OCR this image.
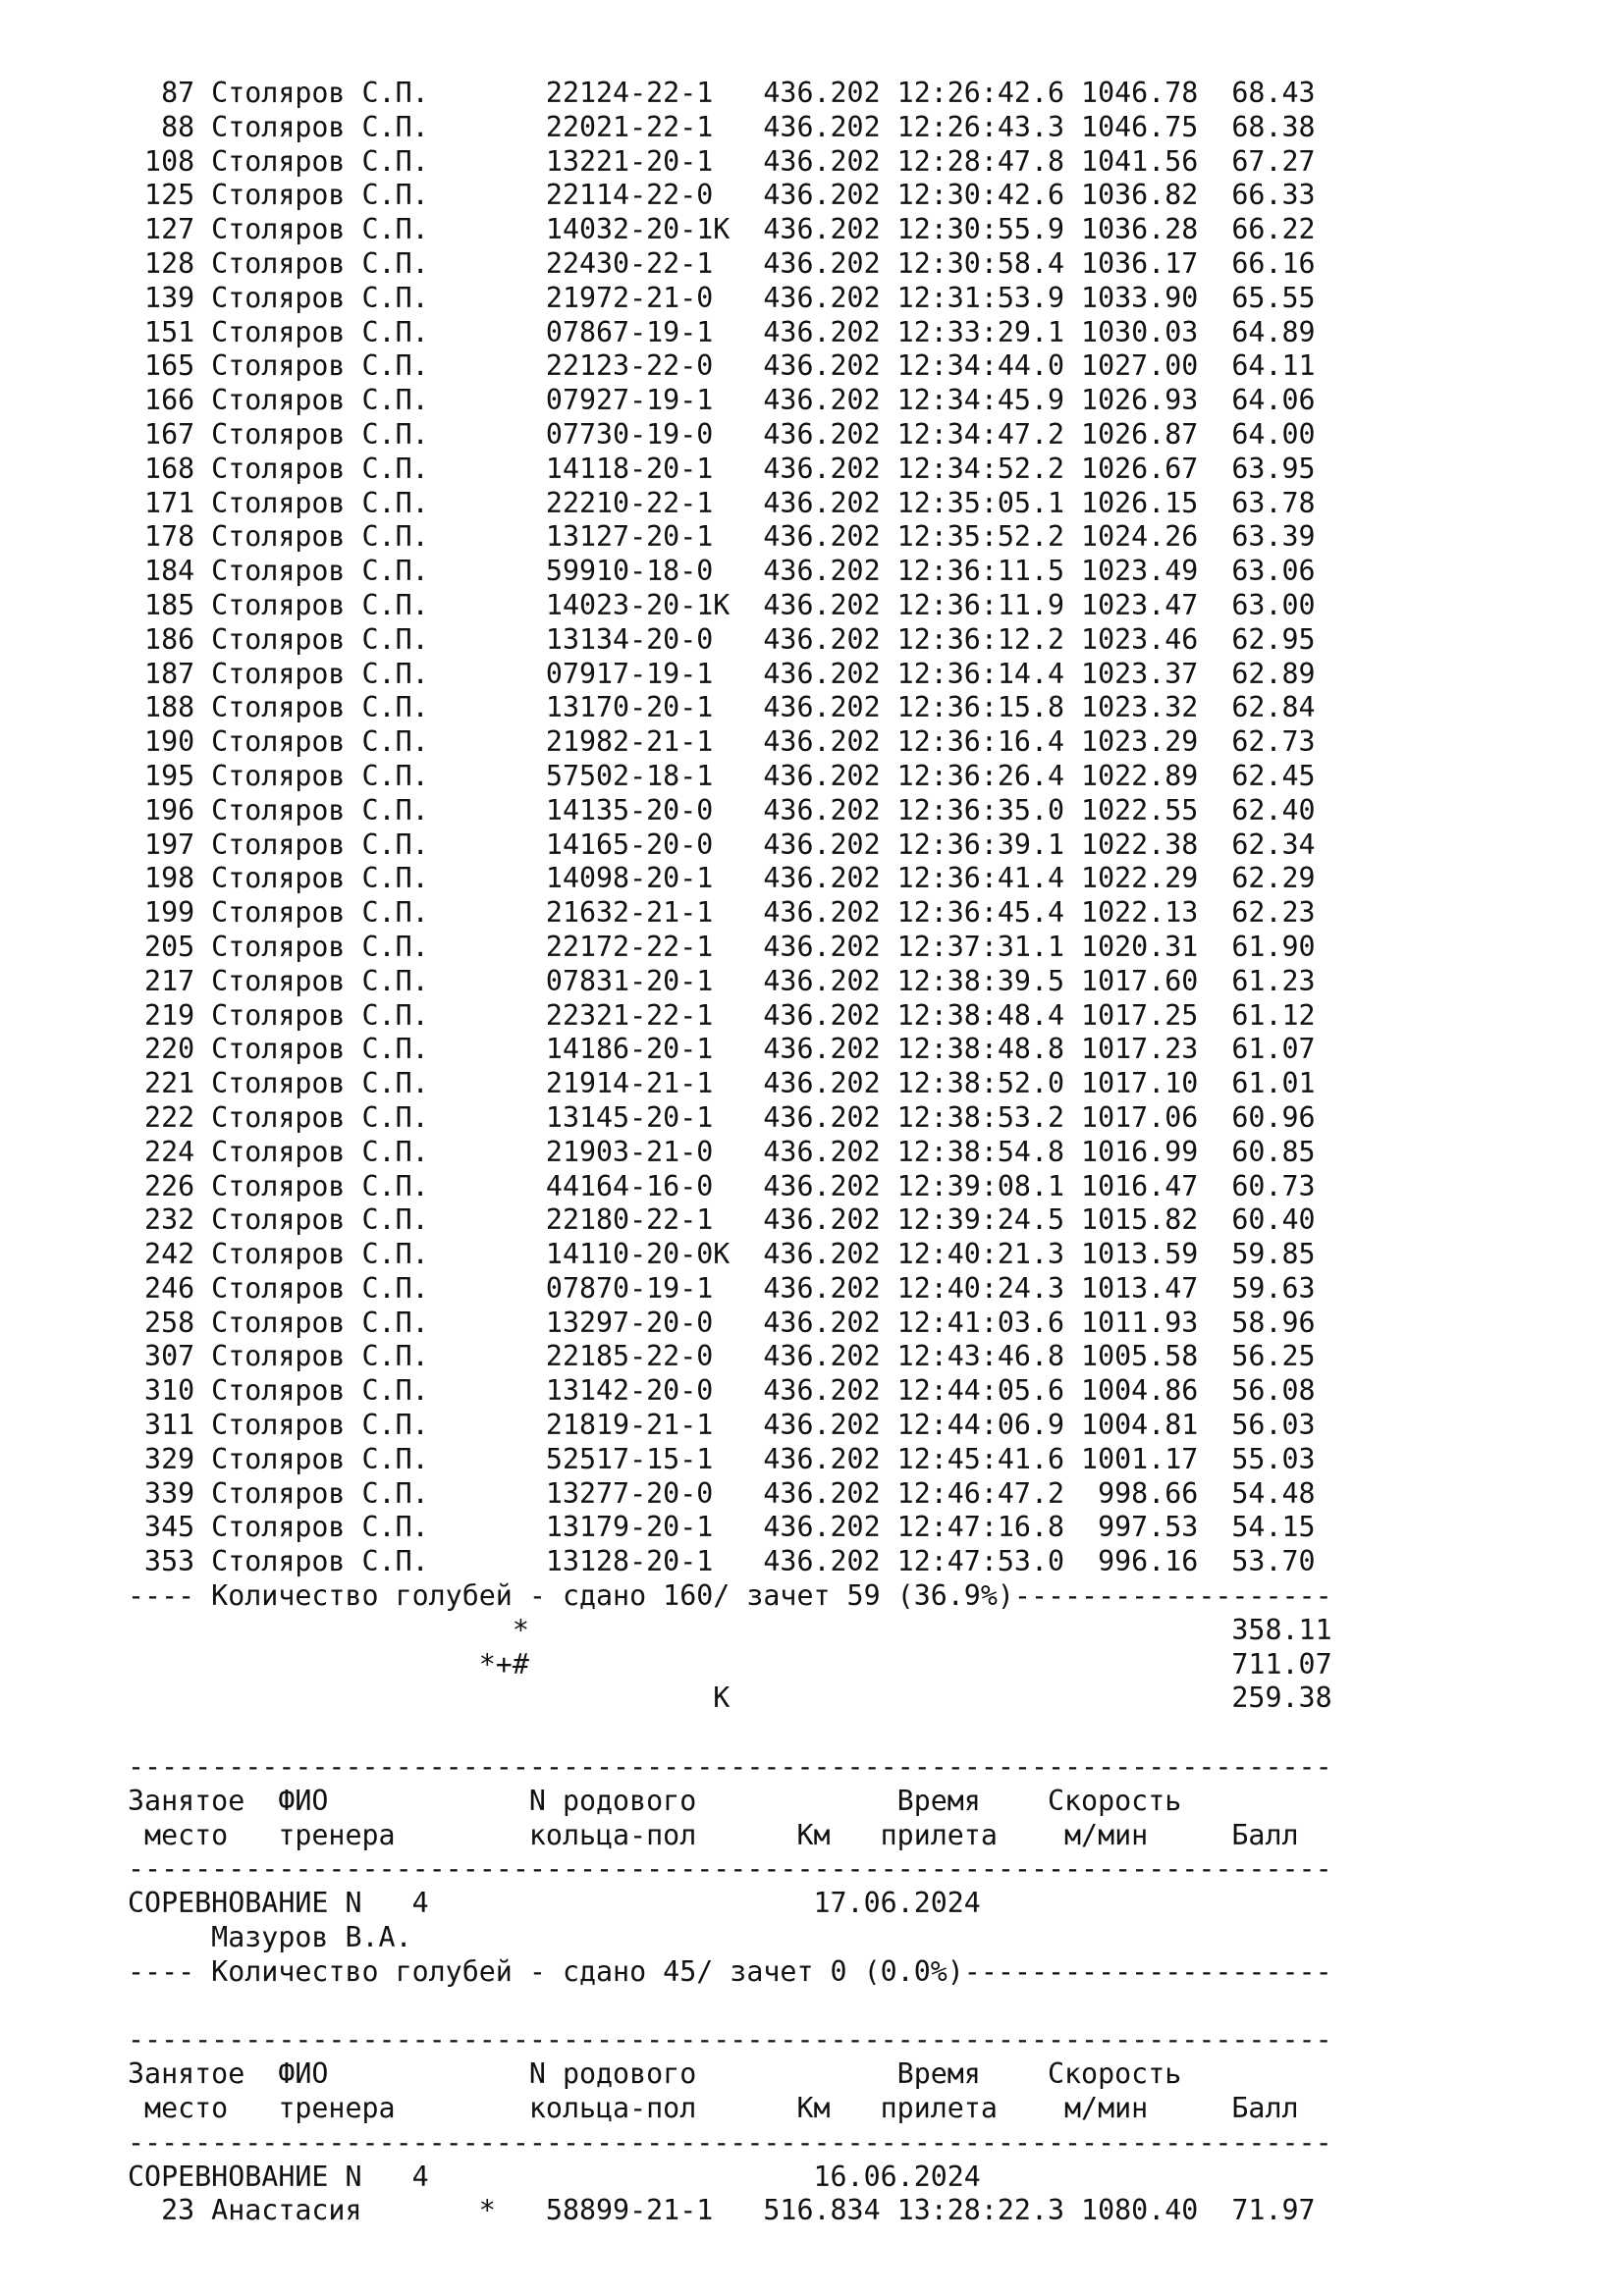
87 Столяров С.П.       22124-22-1   436.202 12:26:42.6 1046.78  68.43
88 Столяров С.П.       22021-22-1   436.202 12:26:43.3 1046.75  68.38
108 Столяров С.П.       13221-20-1   436.202 12:28:47.8 1041.56  67.27
125 Столяров С.П.       22114-22-0   436.202 12:30:42.6 1036.82  66.33
127 Столяров С.П.       14032-20-1К  436.202 12:30:55.9 1036.28  66.22
128 Столяров С.П.       22430-22-1   436.202 12:30:58.4 1036.17  66.16
139 Столяров С.П.       21972-21-0   436.202 12:31:53.9 1033.90  65.55
151 Столяров С.П.       07867-19-1   436.202 12:33:29.1 1030.03  64.89
165 Столяров С.П.       22123-22-0   436.202 12:34:44.0 1027.00  64.11
166 Столяров С.П.       07927-19-1   436.202 12:34:45.9 1026.93  64.06
167 Столяров С.П.       07730-19-0   436.202 12:34:47.2 1026.87  64.00
168 Столяров С.П.       14118-20-1   436.202 12:34:52.2 1026.67  63.95
171 Столяров С.П.       22210-22-1   436.202 12:35:05.1 1026.15  63.78
178 Столяров С.П.       13127-20-1   436.202 12:35:52.2 1024.26  63.39
184 Столяров С.П.       59910-18-0   436.202 12:36:11.5 1023.49  63.06
185 Столяров С.П.       14023-20-1К  436.202 12:36:11.9 1023.47  63.00
186 Столяров С.П.       13134-20-0   436.202 12:36:12.2 1023.46  62.95
187 Столяров С.П.       07917-19-1   436.202 12:36:14.4 1023.37  62.89
188 Столяров С.П.       13170-20-1   436.202 12:36:15.8 1023.32  62.84
190 Столяров С.П.       21982-21-1   436.202 12:36:16.4 1023.29  62.73
195 Столяров С.П.       57502-18-1   436.202 12:36:26.4 1022.89  62.45
196 Столяров С.П.       14135-20-0   436.202 12:36:35.0 1022.55  62.40
197 Столяров С.П.       14165-20-0   436.202 12:36:39.1 1022.38  62.34
198 Столяров С.П.       14098-20-1   436.202 12:36:41.4 1022.29  62.29
199 Столяров С.П.       21632-21-1   436.202 12:36:45.4 1022.13  62.23
205 Столяров С.П.       22172-22-1   436.202 12:37:31.1 1020.31  61.90
217 Столяров С.П.       07831-20-1   436.202 12:38:39.5 1017.60  61.23
219 Столяров С.П.       22321-22-1   436.202 12:38:48.4 1017.25  61.12
220 Столяров С.П.       14186-20-1   436.202 12:38:48.8 1017.23  61.07
221 Столяров С.П.       21914-21-1   436.202 12:38:52.0 1017.10  61.01
222 Столяров С.П.       13145-20-1   436.202 12:38:53.2 1017.06  60.96
224 Столяров С.П.       21903-21-0   436.202 12:38:54.8 1016.99  60.85
226 Столяров С.П.       44164-16-0   436.202 12:39:08.1 1016.47  60.73
232 Столяров С.П.       22180-22-1   436.202 12:39:24.5 1015.82  60.40
242 Столяров С.П.       14110-20-0К  436.202 12:40:21.3 1013.59  59.85
246 Столяров С.П.       07870-19-1   436.202 12:40:24.3 1013.47  59.63
258 Столяров С.П.       13297-20-0   436.202 12:41:03.6 1011.93  58.96
307 Столяров С.П.       22185-22-0   436.202 12:43:46.8 1005.58  56.25
310 Столяров С.П.       13142-20-0   436.202 12:44:05.6 1004.86  56.08
311 Столяров С.П.       21819-21-1   436.202 12:44:06.9 1004.81  56.03
329 Столяров С.П.       52517-15-1   436.202 12:45:41.6 1001.17  55.03
339 Столяров С.П.       13277-20-0   436.202 12:46:47.2  998.66  54.48
345 Столяров С.П.       13179-20-1   436.202 12:47:16.8  997.53  54.15
353 Столяров С.П.       13128-20-1   436.202 12:47:53.0  996.16  53.70
---- Количество голубей - сдано 160/ зачет 59 (36.9%)-------------------
*                                          358.11
*+#                                          711.07
K                              259.38
------------------------------------------------------------------------
Занятое  ФИО            N родового            Время    Скорость
место   тренера        кольца-пол      Км   прилета    м/мин     Балл
------------------------------------------------------------------------
СОРЕВНОВАНИЕ N   4                       17.06.2024
Мазуров В.А.
---- Количество голубей - сдано 45/ зачет 0 (0.0%)----------------------
------------------------------------------------------------------------
Занятое  ФИО            N родового            Время    Скорость
место   тренера        кольца-пол      Км   прилета    м/мин     Балл
------------------------------------------------------------------------
СОРЕВНОВАНИЕ N   4                       16.06.2024
23 Анастасия       *   58899-21-1   516.834 13:28:22.3 1080.40  71.97
